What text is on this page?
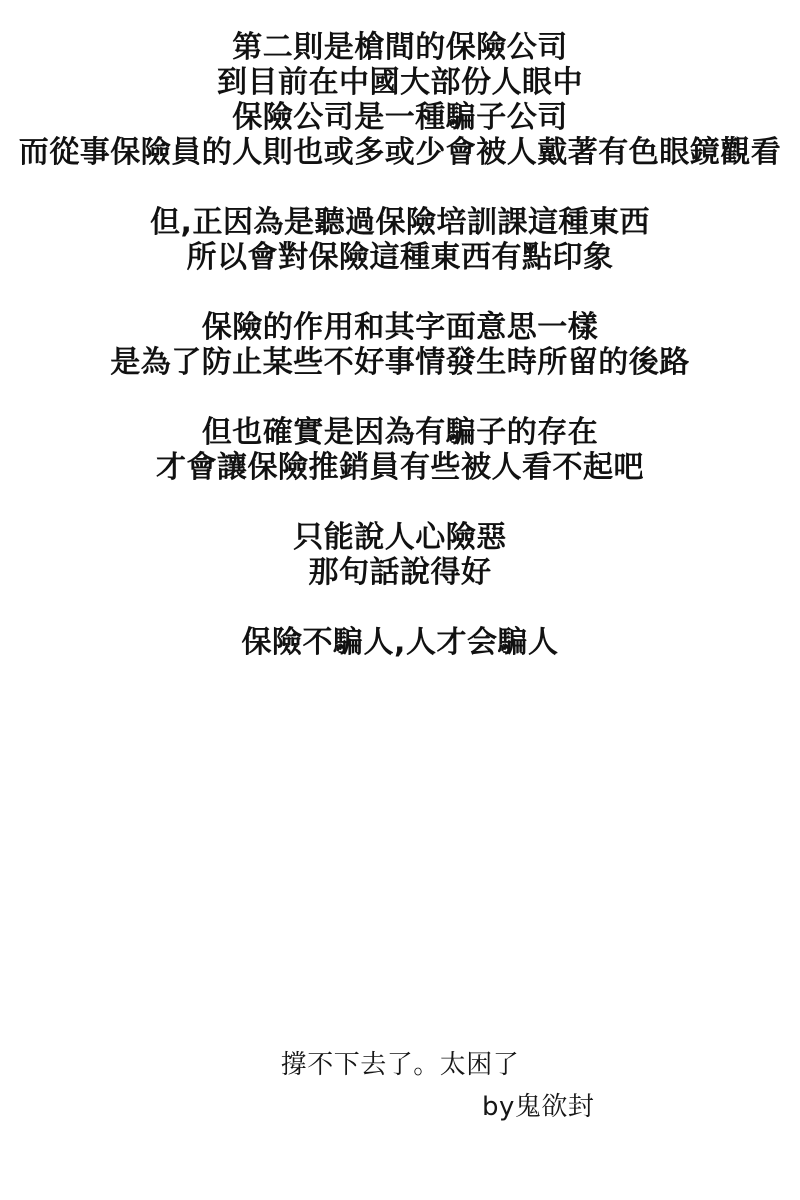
第二則是槍間的保險公司
到目前在中國大部份人眼中
保險公司是一種騙子公司
而從事保險員的人則也或多或少會被人戴著有色眼鏡觀看

但,正因為是聽過保險培訓課這種東西
所以會對保險這種東西有點印象

保險的作用和其字面意思一樣
是為了防止某些不好事情發生時所留的後路

但也確實是因為有騙子的存在
才會讓保險推銷員有些被人看不起吧

只能說人心險惡
那句話說得好

保險不騙人,人才会騙人

撐不下去了。太困了
by鬼欲封
